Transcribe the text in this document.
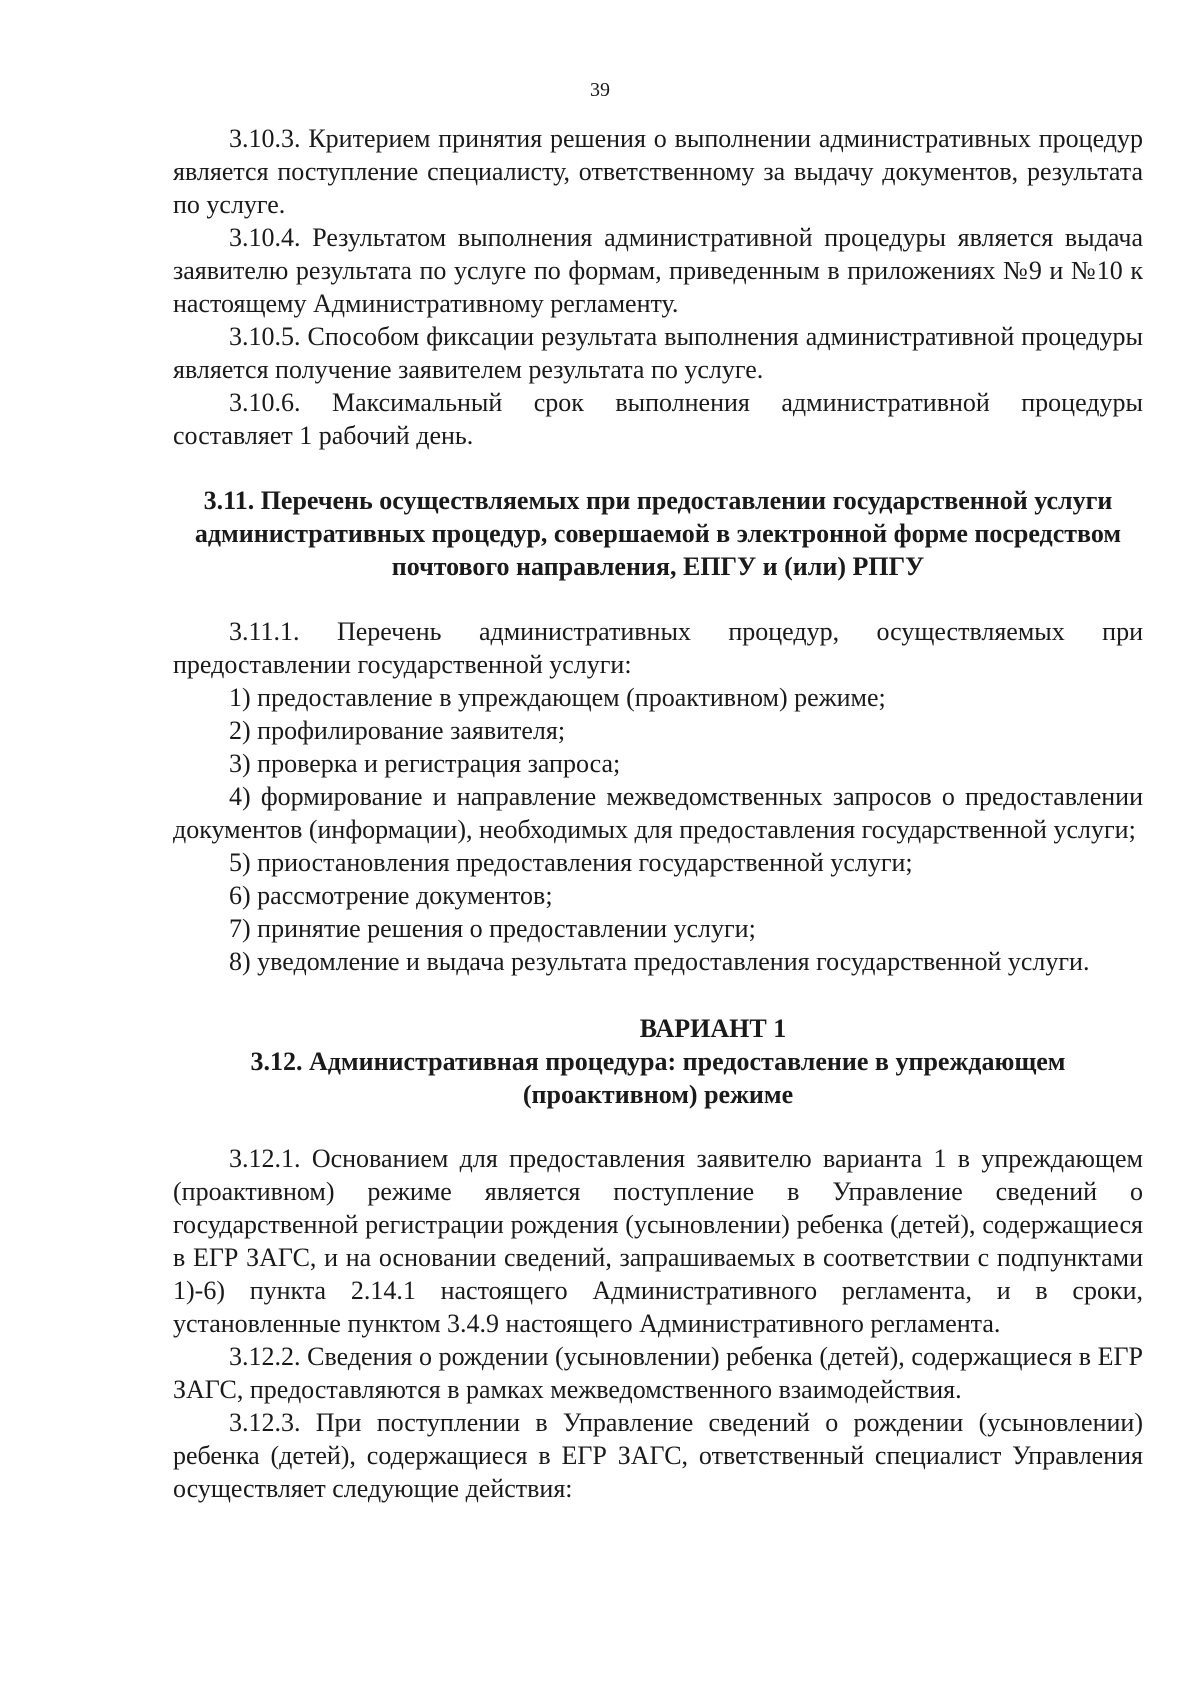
39

3.10.3. Критерием принятия решения о выполнении административных процедур является поступление специалисту, ответственному за выдачу документов, результата по услуге.

3.10.4. Результатом выполнения административной процедуры является выдача заявителю результата по услуге по формам, приведенным в приложениях №9 и №10 к настоящему Административному регламенту.

3.10.5. Способом фиксации результата выполнения административной процедуры является получение заявителем результата по услуге.

3.10.6. Максимальный срок выполнения административной процедуры составляет 1 рабочий день.

3.11. Перечень осуществляемых при предоставлении государственной услуги административных процедур, совершаемой в электронной форме посредством почтового направления, ЕПГУ и (или) РПГУ

3.11.1. Перечень административных процедур, осуществляемых при предоставлении государственной услуги:

1) предоставление в упреждающем (проактивном) режиме;

2) профилирование заявителя;

3) проверка и регистрация запроса;

4) формирование и направление межведомственных запросов о предоставлении документов (информации), необходимых для предоставления государственной услуги;

5) приостановления предоставления государственной услуги;

6) рассмотрение документов;

7) принятие решения о предоставлении услуги;

8) уведомление и выдача результата предоставления государственной услуги.

ВАРИАНТ 1
3.12. Административная процедура: предоставление в упреждающем (проактивном) режиме

3.12.1. Основанием для предоставления заявителю варианта 1 в упреждающем (проактивном) режиме является поступление в Управление сведений о государственной регистрации рождения (усыновлении) ребенка (детей), содержащиеся в ЕГР ЗАГС, и на основании сведений, запрашиваемых в соответствии с подпунктами 1)-6) пункта 2.14.1 настоящего Административного регламента, и в сроки, установленные пунктом 3.4.9 настоящего Административного регламента.

3.12.2. Сведения о рождении (усыновлении) ребенка (детей), содержащиеся в ЕГР ЗАГС, предоставляются в рамках межведомственного взаимодействия.

3.12.3. При поступлении в Управление сведений о рождении (усыновлении) ребенка (детей), содержащиеся в ЕГР ЗАГС, ответственный специалист Управления осуществляет следующие действия:
